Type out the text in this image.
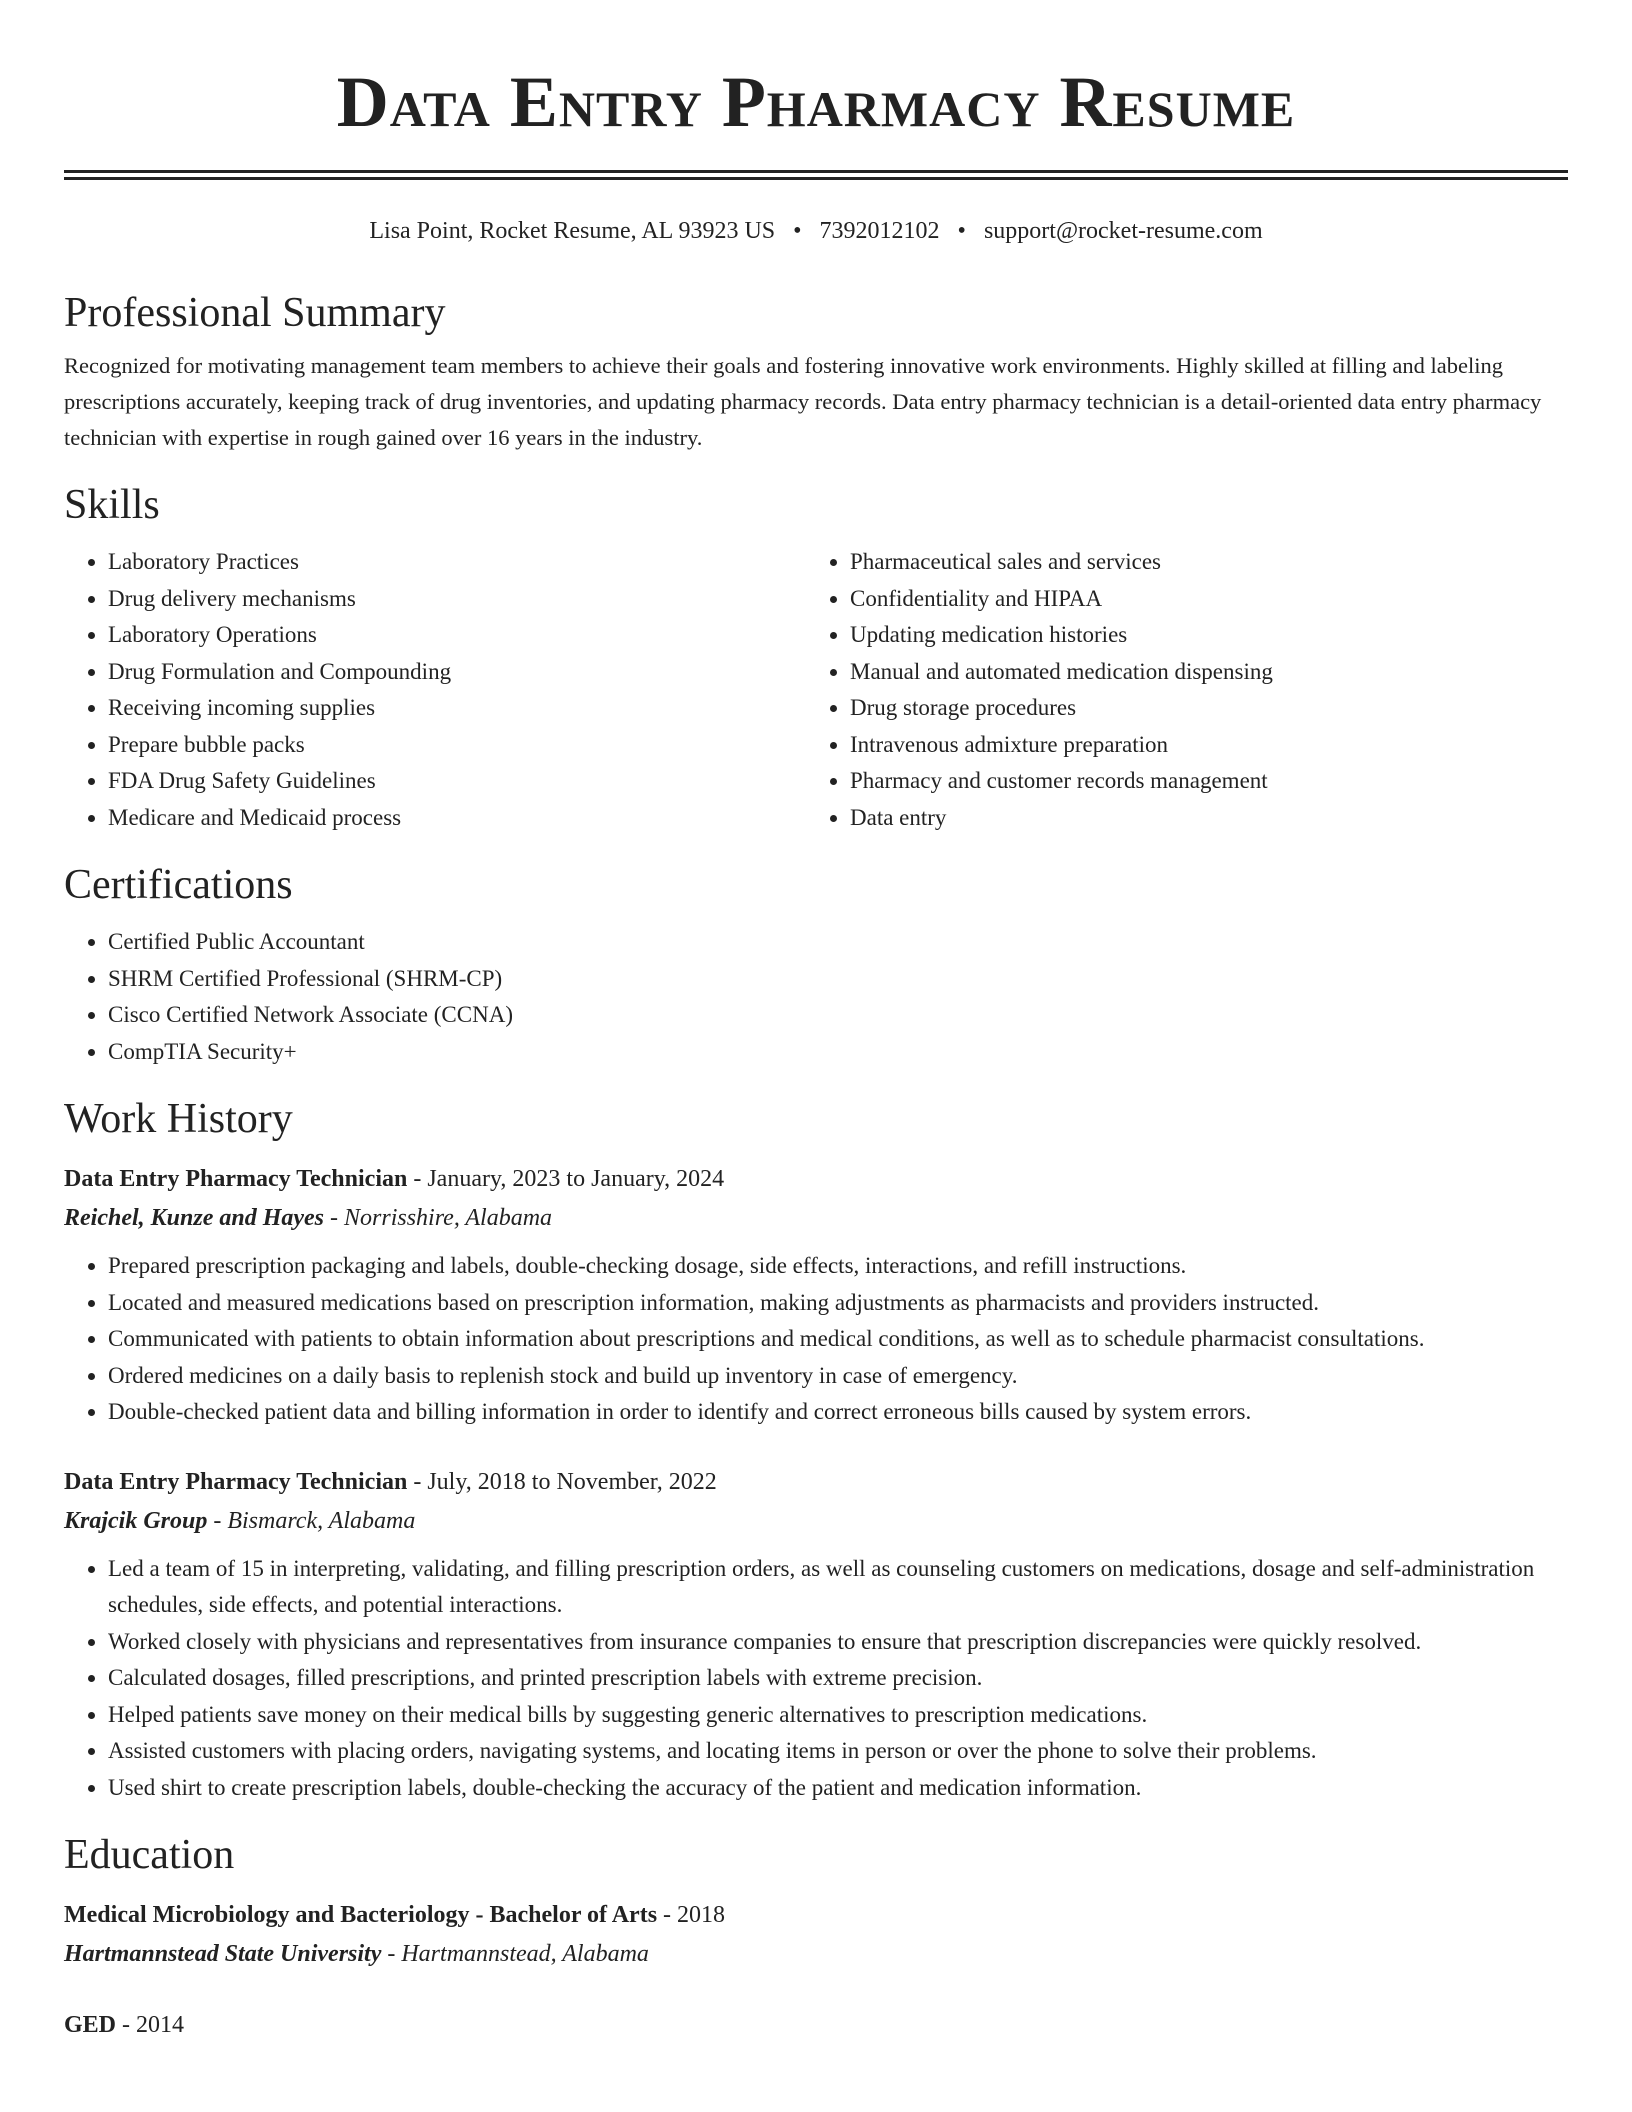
Data Entry Pharmacy Resume
Lisa Point, Rocket Resume, AL 93923 US • 7392012102 • support@rocket-resume.com
Professional Summary

Recognized for motivating management team members to achieve their goals and fostering innovative work environments. Highly skilled at filling and labeling prescriptions accurately, keeping track of drug inventories, and updating pharmacy records. Data entry pharmacy technician is a detail-oriented data entry pharmacy technician with expertise in rough gained over 16 years in the industry.

Skills
• Laboratory Practices
• Drug delivery mechanisms
• Laboratory Operations
• Drug Formulation and Compounding
• Receiving incoming supplies
• Prepare bubble packs
• FDA Drug Safety Guidelines
• Medicare and Medicaid process
• Pharmaceutical sales and services
• Confidentiality and HIPAA
• Updating medication histories
• Manual and automated medication dispensing
• Drug storage procedures
• Intravenous admixture preparation
• Pharmacy and customer records management
• Data entry
Certifications
• Certified Public Accountant
• SHRM Certified Professional (SHRM-CP)
• Cisco Certified Network Associate (CCNA)
• CompTIA Security+
Work History
Data Entry Pharmacy Technician - January, 2023 to January, 2024
Reichel, Kunze and Hayes - Norrisshire, Alabama
• Prepared prescription packaging and labels, double-checking dosage, side effects, interactions, and refill instructions.
• Located and measured medications based on prescription information, making adjustments as pharmacists and providers instructed.
• Communicated with patients to obtain information about prescriptions and medical conditions, as well as to schedule pharmacist consultations.
• Ordered medicines on a daily basis to replenish stock and build up inventory in case of emergency.
• Double-checked patient data and billing information in order to identify and correct erroneous bills caused by system errors.
Data Entry Pharmacy Technician - July, 2018 to November, 2022
Krajcik Group - Bismarck, Alabama
• Led a team of 15 in interpreting, validating, and filling prescription orders, as well as counseling customers on medications, dosage and self-administration schedules, side effects, and potential interactions.
• Worked closely with physicians and representatives from insurance companies to ensure that prescription discrepancies were quickly resolved.
• Calculated dosages, filled prescriptions, and printed prescription labels with extreme precision.
• Helped patients save money on their medical bills by suggesting generic alternatives to prescription medications.
• Assisted customers with placing orders, navigating systems, and locating items in person or over the phone to solve their problems.
• Used shirt to create prescription labels, double-checking the accuracy of the patient and medication information.
Education
Medical Microbiology and Bacteriology - Bachelor of Arts - 2018
Hartmannstead State University - Hartmannstead, Alabama
GED - 2014
